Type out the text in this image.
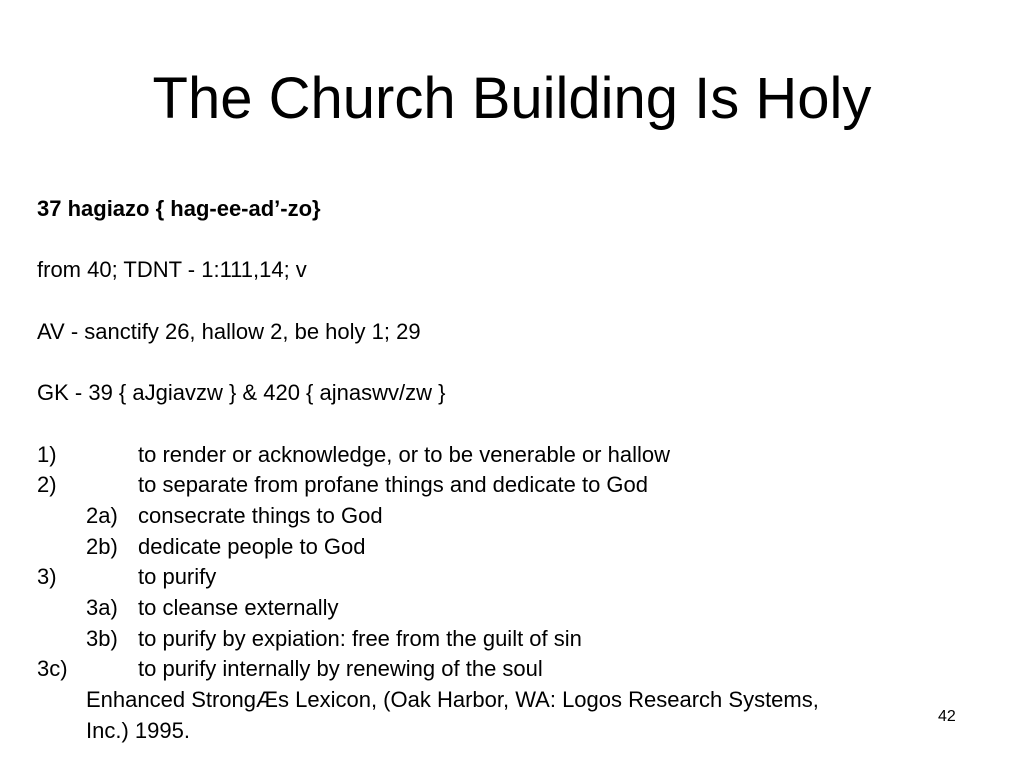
The Church Building Is Holy
37 hagiazo { hag-ee-ad’-zo}
from 40; TDNT - 1:111,14; v
AV - sanctify 26, hallow 2, be holy 1; 29
GK - 39 { aJgiavzw } & 420 { ajnaswv/zw }
1)	to render or acknowledge, or to be venerable or hallow
2)	to separate from profane things and dedicate to God
2a) consecrate things to God
2b) dedicate people to God
3)	to purify
3a) to cleanse externally
3b) to purify by expiation: free from the guilt of sin
3c)	to purify internally by renewing of the soul
Enhanced StrongÆs Lexicon, (Oak Harbor, WA: Logos Research Systems,
Inc.) 1995.
42
